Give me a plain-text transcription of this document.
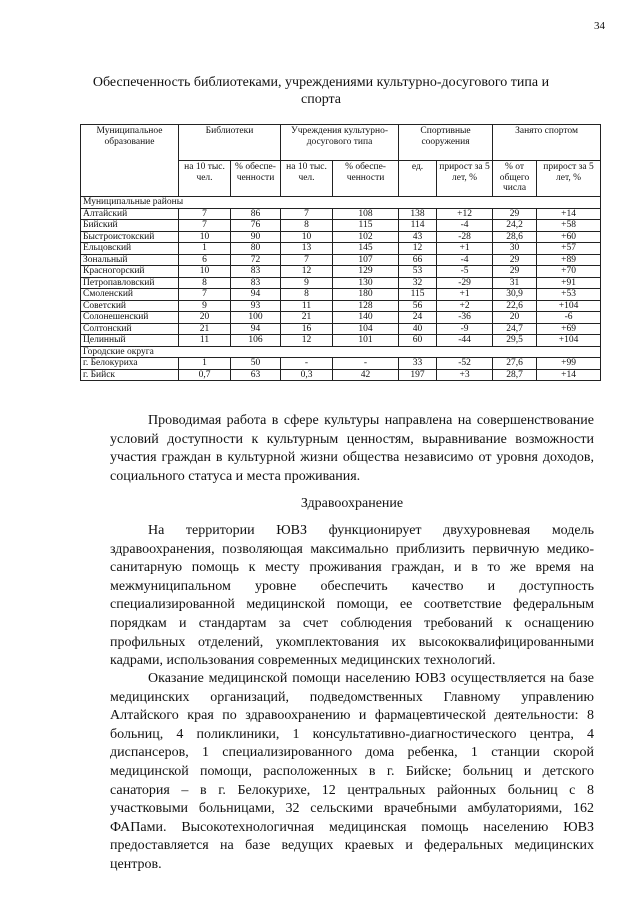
34
Обеспеченность библиотеками, учреждениями культурно-досугового типа и
спорта
Муниципальное образование	Библиотеки		Учреждения культурно-досугового типа		Спортивные сооружения		Занято спортом	
	на 10 тыс. чел.	% обеспе-ченности	на 10 тыс. чел.	% обеспе-ченности	ед.	прирост за 5 лет, %	% от общего числа	прирост за 5 лет, %
Муниципальные районы								
Алтайский	7	86	7	108	138	+12	29	+14
Бийский	7	76	8	115	114	-4	24,2	+58
Быстроистокский	10	90	10	102	43	-28	28,6	+60
Ельцовский	1	80	13	145	12	+1	30	+57
Зональный	6	72	7	107	66	-4	29	+89
Красногорский	10	83	12	129	53	-5	29	+70
Петропавловский	8	83	9	130	32	-29	31	+91
Смоленский	7	94	8	180	115	+1	30,9	+53
Советский	9	93	11	128	56	+2	22,6	+104
Солонешенский	20	100	21	140	24	-36	20	-6
Солтонский	21	94	16	104	40	-9	24,7	+69
Целинный	11	106	12	101	60	-44	29,5	+104
Городские округа								
г. Белокуриха	1	50	-	-	33	-52	27,6	+99
г. Бийск	0,7	63	0,3	42	197	+3	28,7	+14
Проводимая работа в сфере культуры направлена на совершенствование условий доступности к культурным ценностям, выравнивание возможности участия граждан в культурной жизни общества независимо от уровня доходов, социального статуса и места проживания.
Здравоохранение
На территории ЮВЗ функционирует двухуровневая модель здравоохранения, позволяющая максимально приблизить первичную медико-санитарную помощь к месту проживания граждан, и в то же время на межмуниципальном уровне обеспечить качество и доступность специализированной медицинской помощи, ее соответствие федеральным порядкам и стандартам за счет соблюдения требований к оснащению профильных отделений, укомплектования их высококвалифицированными кадрами, использования современных медицинских технологий.
Оказание медицинской помощи населению ЮВЗ осуществляется на базе медицинских организаций, подведомственных Главному управлению Алтайского края по здравоохранению и фармацевтической деятельности: 8 больниц, 4 поликлиники, 1 консультативно-диагностического центра, 4 диспансеров, 1 специализированного дома ребенка, 1 станции скорой медицинской помощи, расположенных в г. Бийске; больниц и детского санатория – в г. Белокурихе, 12 центральных районных больниц с 8 участковыми больницами, 32 сельскими врачебными амбулаториями, 162 ФАПами. Высокотехнологичная медицинская помощь населению ЮВЗ предоставляется на базе ведущих краевых и федеральных медицинских центров.
